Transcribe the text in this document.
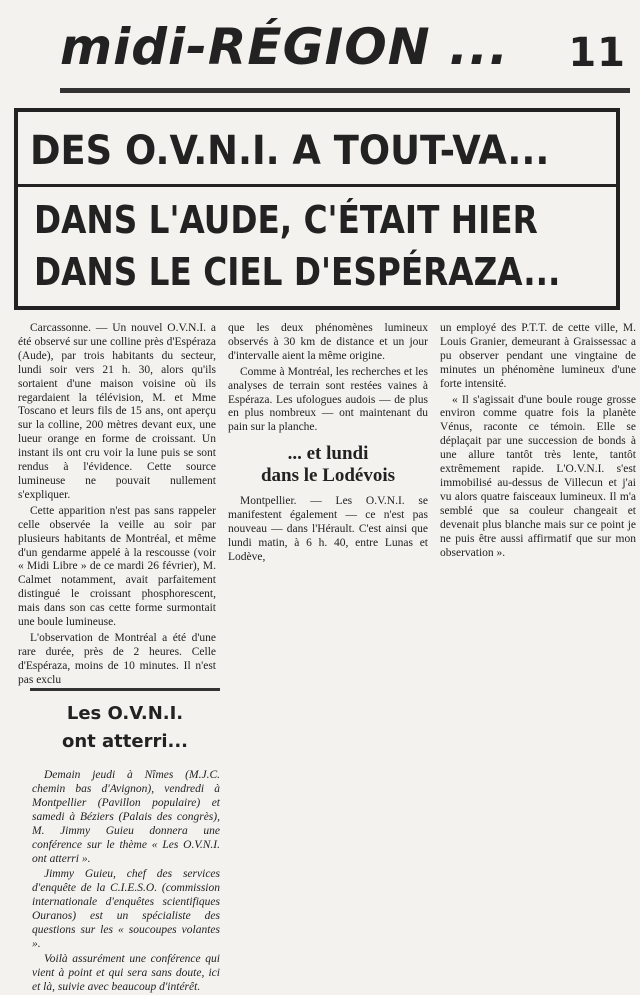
midi-RÉGION ... 11
DES O.V.N.I. A TOUT-VA...
DANS L'AUDE, C'ÉTAIT HIER
DANS LE CIEL D'ESPÉRAZA...

Carcassonne. — Un nouvel O.V.N.I. a été observé sur une colline près d'Espéraza (Aude), par trois habitants du secteur, lundi soir vers 21 h. 30, alors qu'ils sortaient d'une maison voisine où ils regardaient la télévision, M. et Mme Toscano et leurs fils de 15 ans, ont aperçu sur la colline, 200 mètres devant eux, une lueur orange en forme de croissant. Un instant ils ont cru voir la lune puis se sont rendus à l'évidence. Cette source lumineuse ne pouvait nullement s'expliquer.

Cette apparition n'est pas sans rappeler celle observée la veille au soir par plusieurs habitants de Montréal, et même d'un gendarme appelé à la rescousse (voir « Midi Libre » de ce mardi 26 février), M. Calmet notamment, avait parfaitement distingué le croissant phosphorescent, mais dans son cas cette forme surmontait une boule lumineuse.

L'observation de Montréal a été d'une rare durée, près de 2 heures. Celle d'Espéraza, moins de 10 minutes. Il n'est pas exclu

que les deux phénomènes lumineux observés à 30 km de distance et un jour d'intervalle aient la même origine.

Comme à Montréal, les recherches et les analyses de terrain sont restées vaines à Espéraza. Les ufologues audois — de plus en plus nombreux — ont maintenant du pain sur la planche.

... et lundi
dans le Lodévois

Montpellier. — Les O.V.N.I. se manifestent également — ce n'est pas nouveau — dans l'Hérault. C'est ainsi que lundi matin, à 6 h. 40, entre Lunas et Lodève,

un employé des P.T.T. de cette ville, M. Louis Granier, demeurant à Graissessac a pu observer pendant une vingtaine de minutes un phénomène lumineux d'une forte intensité.

« Il s'agissait d'une boule rouge grosse environ comme quatre fois la planète Vénus, raconte ce témoin. Elle se déplaçait par une succession de bonds à une allure tantôt très lente, tantôt extrêmement rapide. L'O.V.N.I. s'est immobilisé au-dessus de Villecun et j'ai vu alors quatre faisceaux lumineux. Il m'a semblé que sa couleur changeait et devenait plus blanche mais sur ce point je ne puis être aussi affirmatif que sur mon observation ».

Les O.V.N.I.
ont atterri...

Demain jeudi à Nîmes (M.J.C. chemin bas d'Avignon), vendredi à Montpellier (Pavillon populaire) et samedi à Béziers (Palais des congrès), M. Jimmy Guieu donnera une conférence sur le thème « Les O.V.N.I. ont atterri ».

Jimmy Guieu, chef des services d'enquête de la C.I.E.S.O. (commission internationale d'enquêtes scientifiques Ouranos) est un spécialiste des questions sur les « soucoupes volantes ».

Voilà assurément une conférence qui vient à point et qui sera sans doute, ici et là, suivie avec beaucoup d'intérêt.
